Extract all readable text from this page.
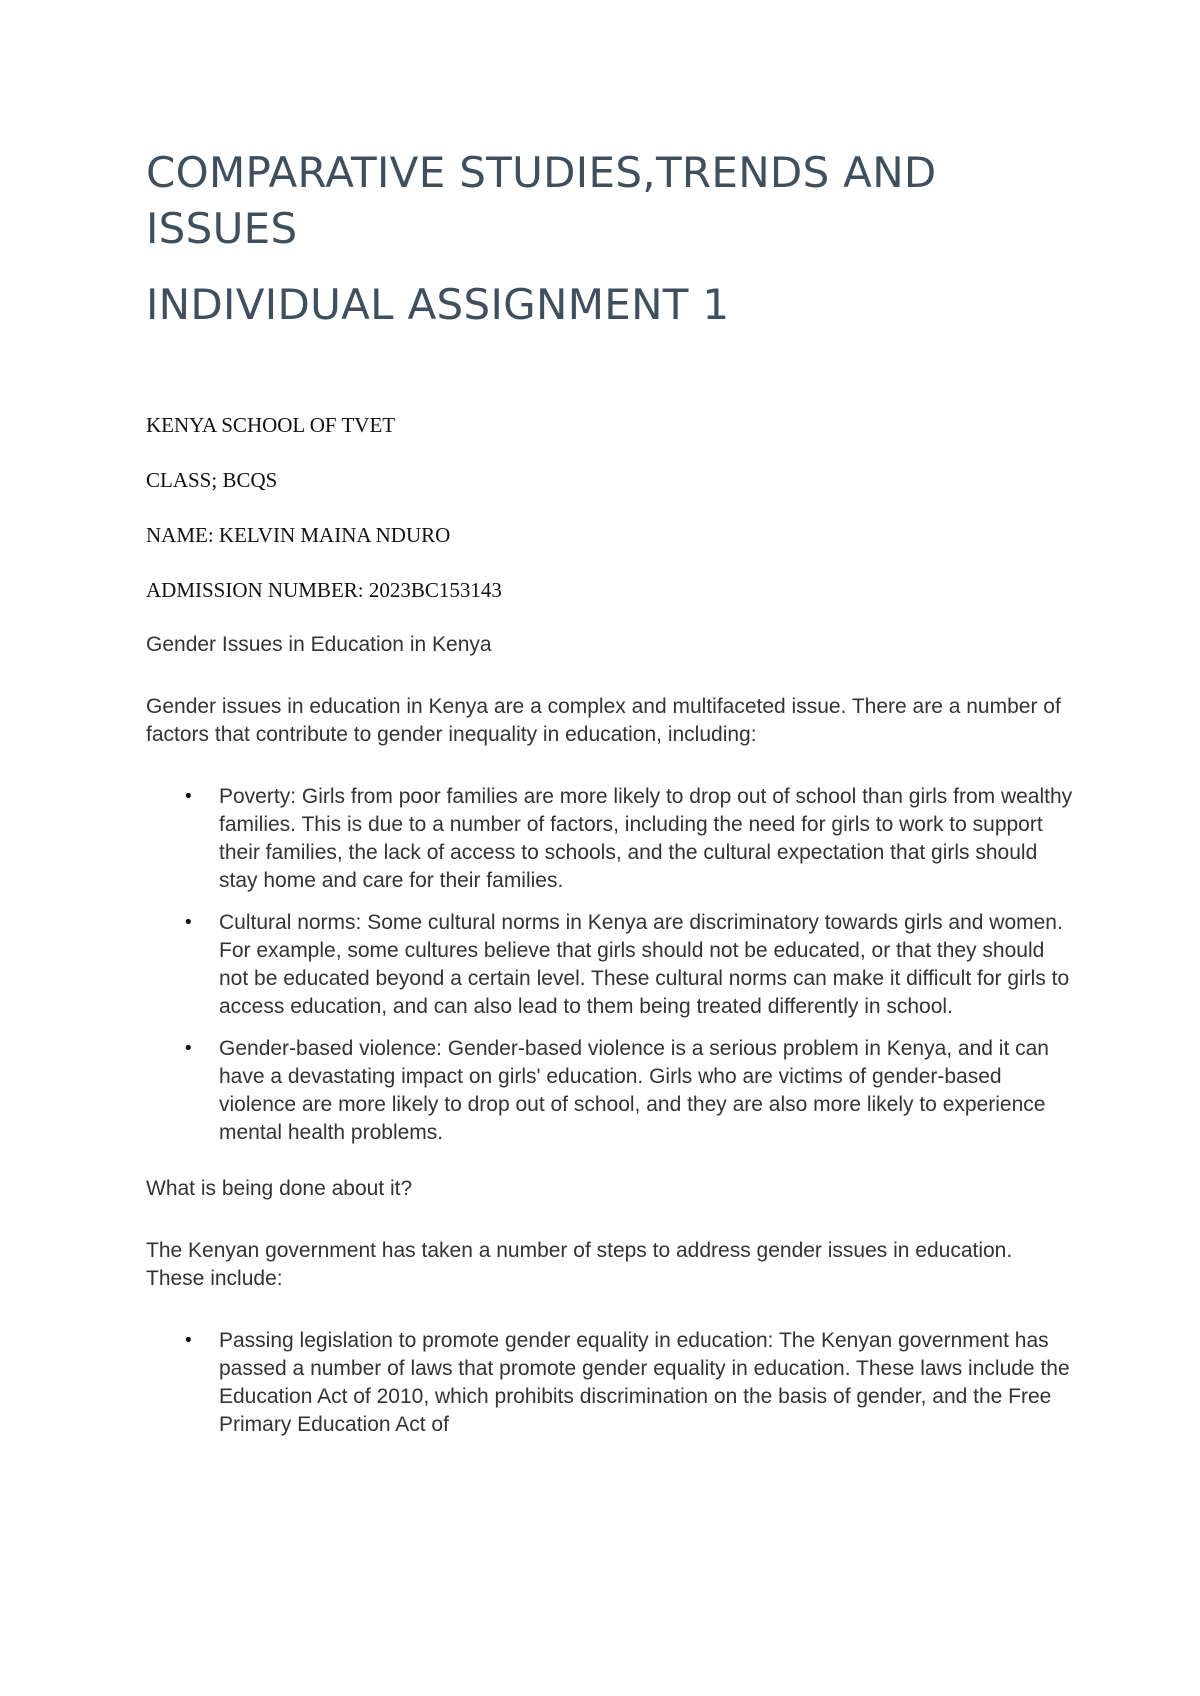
COMPARATIVE STUDIES,TRENDS AND ISSUES
INDIVIDUAL ASSIGNMENT 1

KENYA SCHOOL OF TVET

CLASS; BCQS

NAME: KELVIN MAINA NDURO

ADMISSION NUMBER: 2023BC153143

Gender Issues in Education in Kenya

Gender issues in education in Kenya are a complex and multifaceted issue. There are a number of factors that contribute to gender inequality in education, including:

• Poverty: Girls from poor families are more likely to drop out of school than girls from wealthy families. This is due to a number of factors, including the need for girls to work to support their families, the lack of access to schools, and the cultural expectation that girls should stay home and care for their families.
• Cultural norms: Some cultural norms in Kenya are discriminatory towards girls and women. For example, some cultures believe that girls should not be educated, or that they should not be educated beyond a certain level. These cultural norms can make it difficult for girls to access education, and can also lead to them being treated differently in school.
• Gender-based violence: Gender-based violence is a serious problem in Kenya, and it can have a devastating impact on girls' education. Girls who are victims of gender-based violence are more likely to drop out of school, and they are also more likely to experience mental health problems.

What is being done about it?

The Kenyan government has taken a number of steps to address gender issues in education. These include:

• Passing legislation to promote gender equality in education: The Kenyan government has passed a number of laws that promote gender equality in education. These laws include the Education Act of 2010, which prohibits discrimination on the basis of gender, and the Free Primary Education Act of
